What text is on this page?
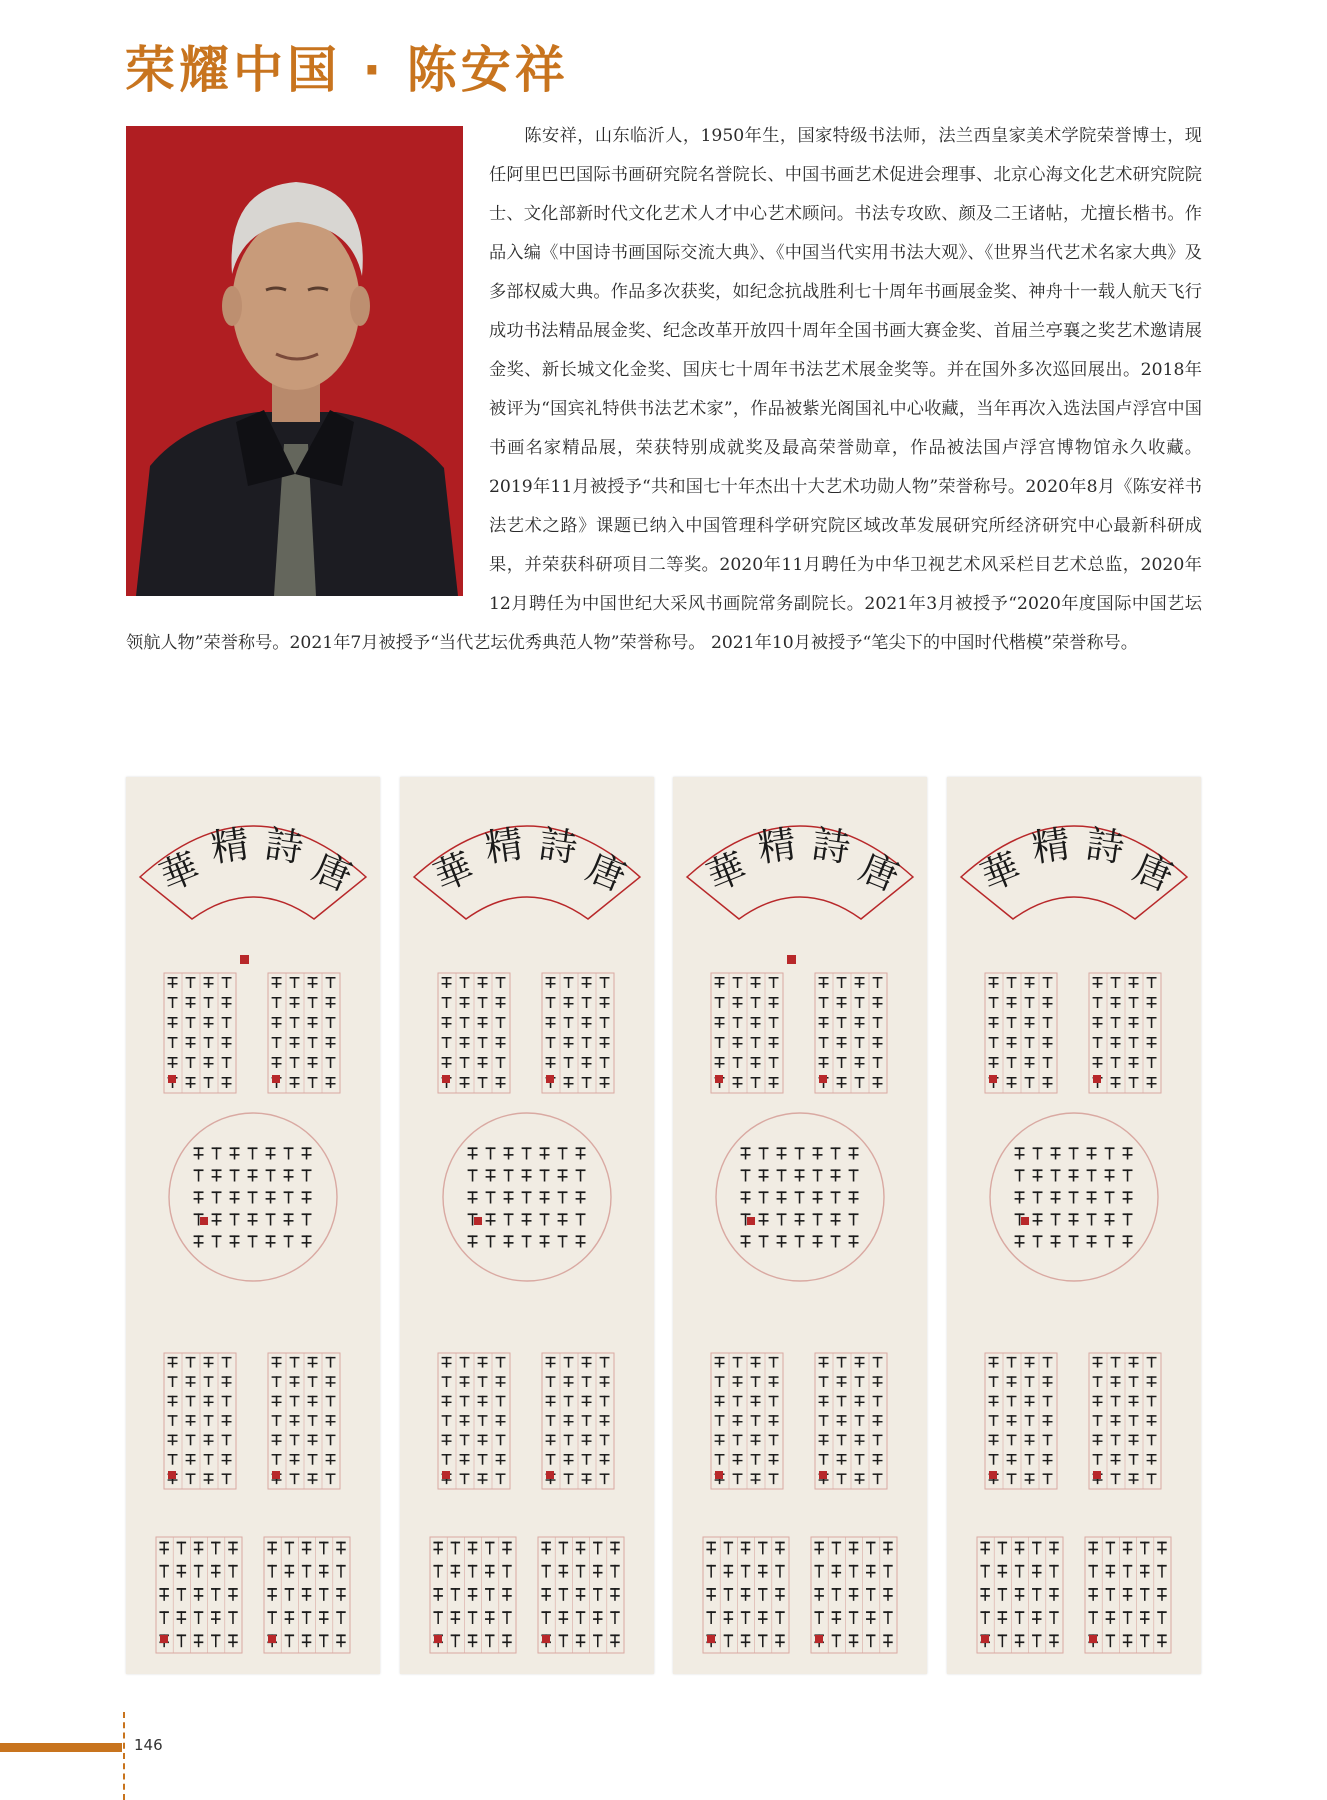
荣耀中国 · 陈安祥

陈安祥，山东临沂人，1950年生，国家特级书法师，法兰西皇家美术学院荣誉博士，现任阿里巴巴国际书画研究院名誉院长、中国书画艺术促进会理事、北京心海文化艺术研究院院士、文化部新时代文化艺术人才中心艺术顾问。书法专攻欧、颜及二王诸帖，尤擅长楷书。作品入编《中国诗书画国际交流大典》、《中国当代实用书法大观》、《世界当代艺术名家大典》及多部权威大典。作品多次获奖，如纪念抗战胜利七十周年书画展金奖、神舟十一载人航天飞行成功书法精品展金奖、纪念改革开放四十周年全国书画大赛金奖、首届兰亭襄之奖艺术邀请展金奖、新长城文化金奖、国庆七十周年书法艺术展金奖等。并在国外多次巡回展出。2018年被评为“国宾礼特供书法艺术家”，作品被紫光阁国礼中心收藏，当年再次入选法国卢浮宫中国书画名家精品展，荣获特别成就奖及最高荣誉勋章，作品被法国卢浮宫博物馆永久收藏。2019年11月被授予“共和国七十年杰出十大艺术功勋人物”荣誉称号。2020年8月《陈安祥书法艺术之路》课题已纳入中国管理科学研究院区域改革发展研究所经济研究中心最新科研成果，并荣获科研项目二等奖。2020年11月聘任为中华卫视艺术风采栏目艺术总监，2020年12月聘任为中国世纪大采风书画院常务副院长。2021年3月被授予“2020年度国际中国艺坛领航人物”荣誉称号。2021年7月被授予“当代艺坛优秀典范人物”荣誉称号。 2021年10月被授予“笔尖下的中国时代楷模”荣誉称号。

唐
詩
精
華	唐
詩
精
華	唐
詩
精
華	唐
詩
精
華
146
